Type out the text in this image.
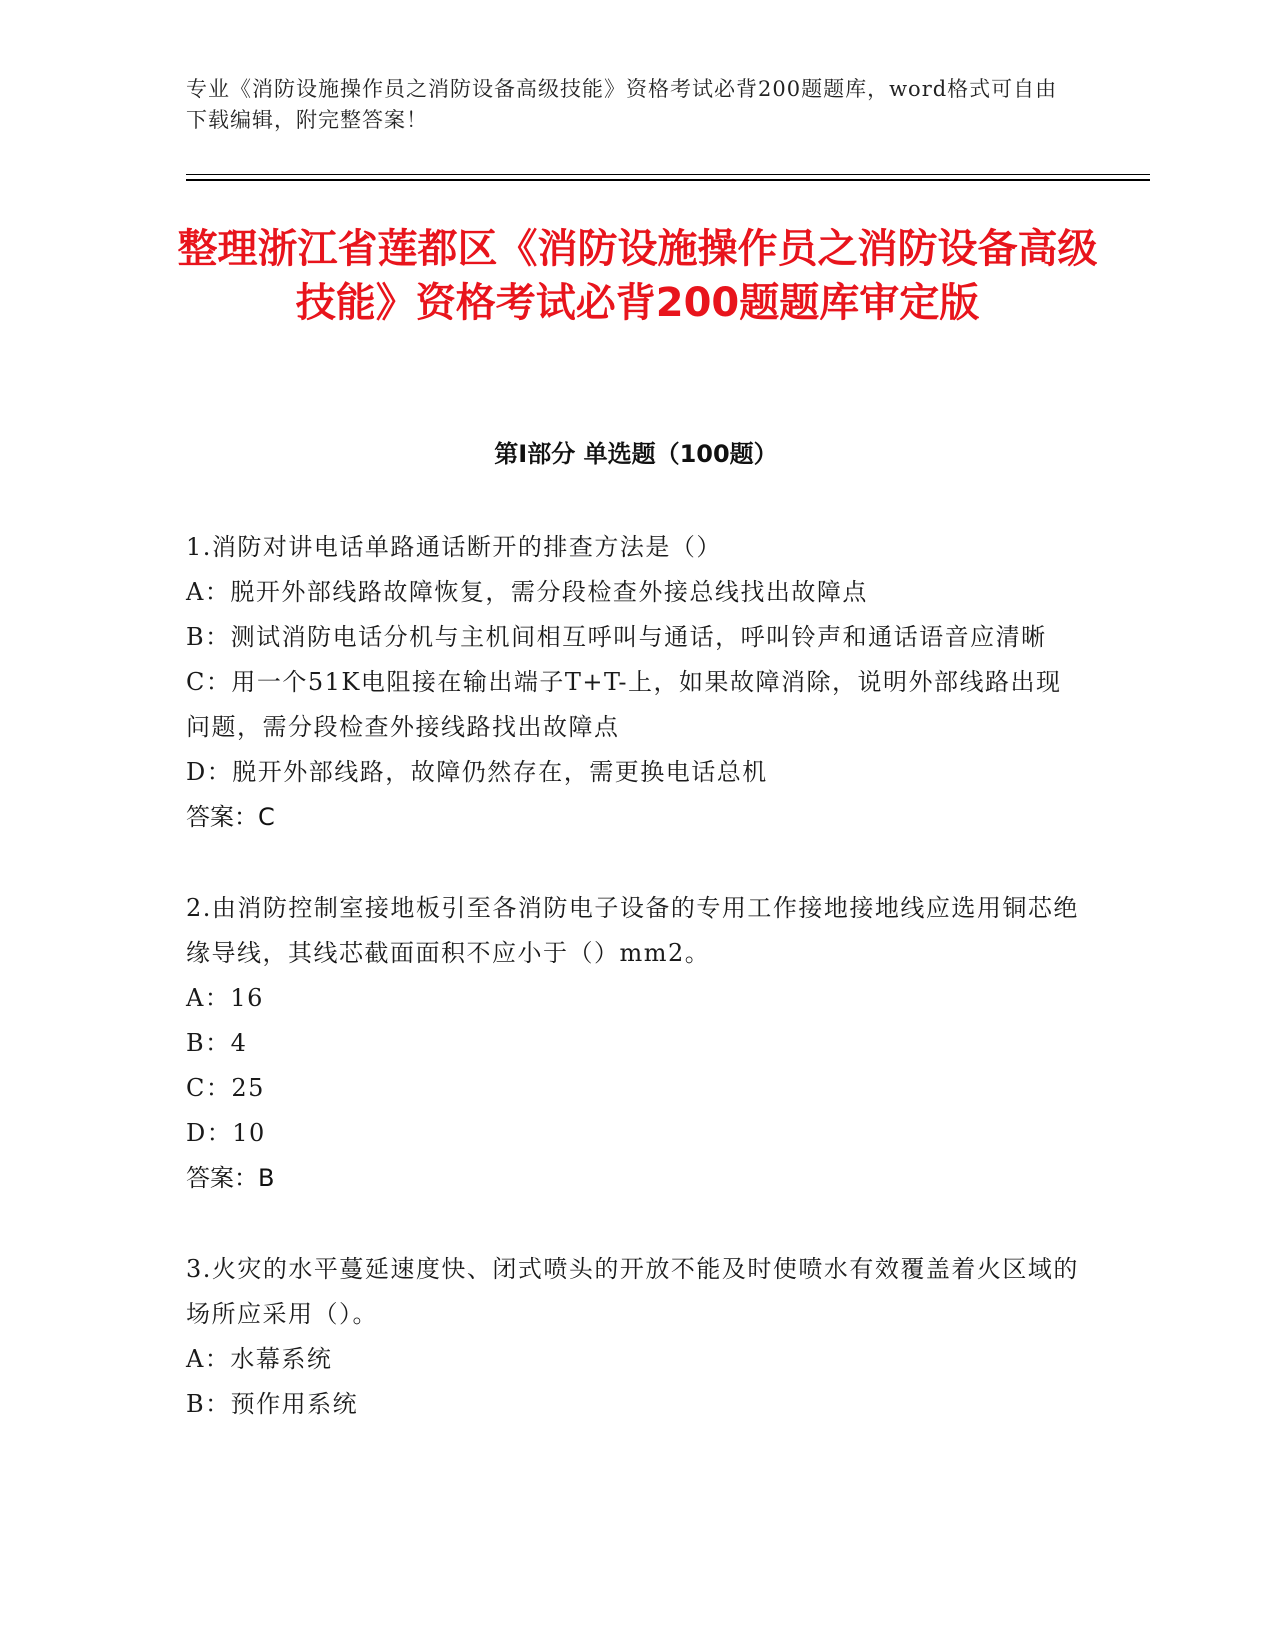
专业《消防设施操作员之消防设备高级技能》资格考试必背200题题库，word格式可自由下载编辑，附完整答案！
整理浙江省莲都区《消防设施操作员之消防设备高级技能》资格考试必背200题题库审定版
第I部分 单选题（100题）
1.消防对讲电话单路通话断开的排查方法是（）
A：脱开外部线路故障恢复，需分段检查外接总线找出故障点
B：测试消防电话分机与主机间相互呼叫与通话，呼叫铃声和通话语音应清晰
C：用一个51K电阻接在输出端子T+T-上，如果故障消除，说明外部线路出现问题，需分段检查外接线路找出故障点
D：脱开外部线路，故障仍然存在，需更换电话总机
答案：C
2.由消防控制室接地板引至各消防电子设备的专用工作接地接地线应选用铜芯绝缘导线，其线芯截面面积不应小于（）mm2。
A：16
B：4
C：25
D：10
答案：B
3.火灾的水平蔓延速度快、闭式喷头的开放不能及时使喷水有效覆盖着火区域的场所应采用（）。
A：水幕系统
B：预作用系统
